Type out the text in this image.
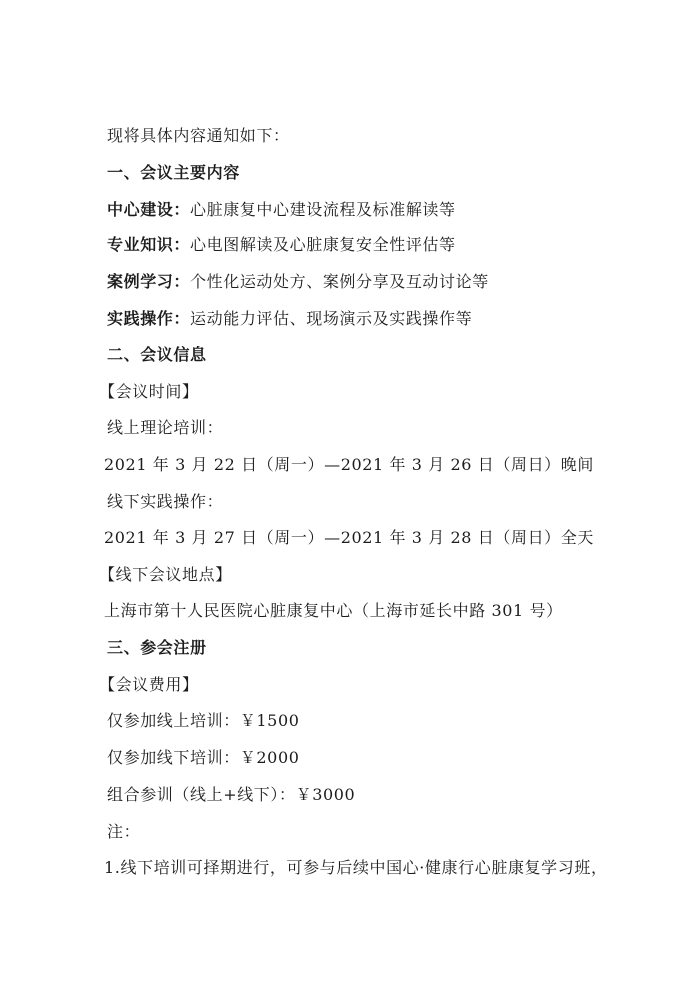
现将具体内容通知如下：
一、会议主要内容
中心建设：心脏康复中心建设流程及标准解读等
专业知识：心电图解读及心脏康复安全性评估等
案例学习：个性化运动处方、案例分享及互动讨论等
实践操作：运动能力评估、现场演示及实践操作等
二、会议信息
【会议时间】
线上理论培训：
2021 年 3 月 22 日（周一）—2021 年 3 月 26 日（周日）晚间
线下实践操作：
2021 年 3 月 27 日（周一）—2021 年 3 月 28 日（周日）全天
【线下会议地点】
上海市第十人民医院心脏康复中心（上海市延长中路 301 号）
三、参会注册
【会议费用】
仅参加线上培训：￥1500
仅参加线下培训：￥2000
组合参训（线上+线下）：￥3000
注：
1.线下培训可择期进行，可参与后续中国心·健康行心脏康复学习班，
